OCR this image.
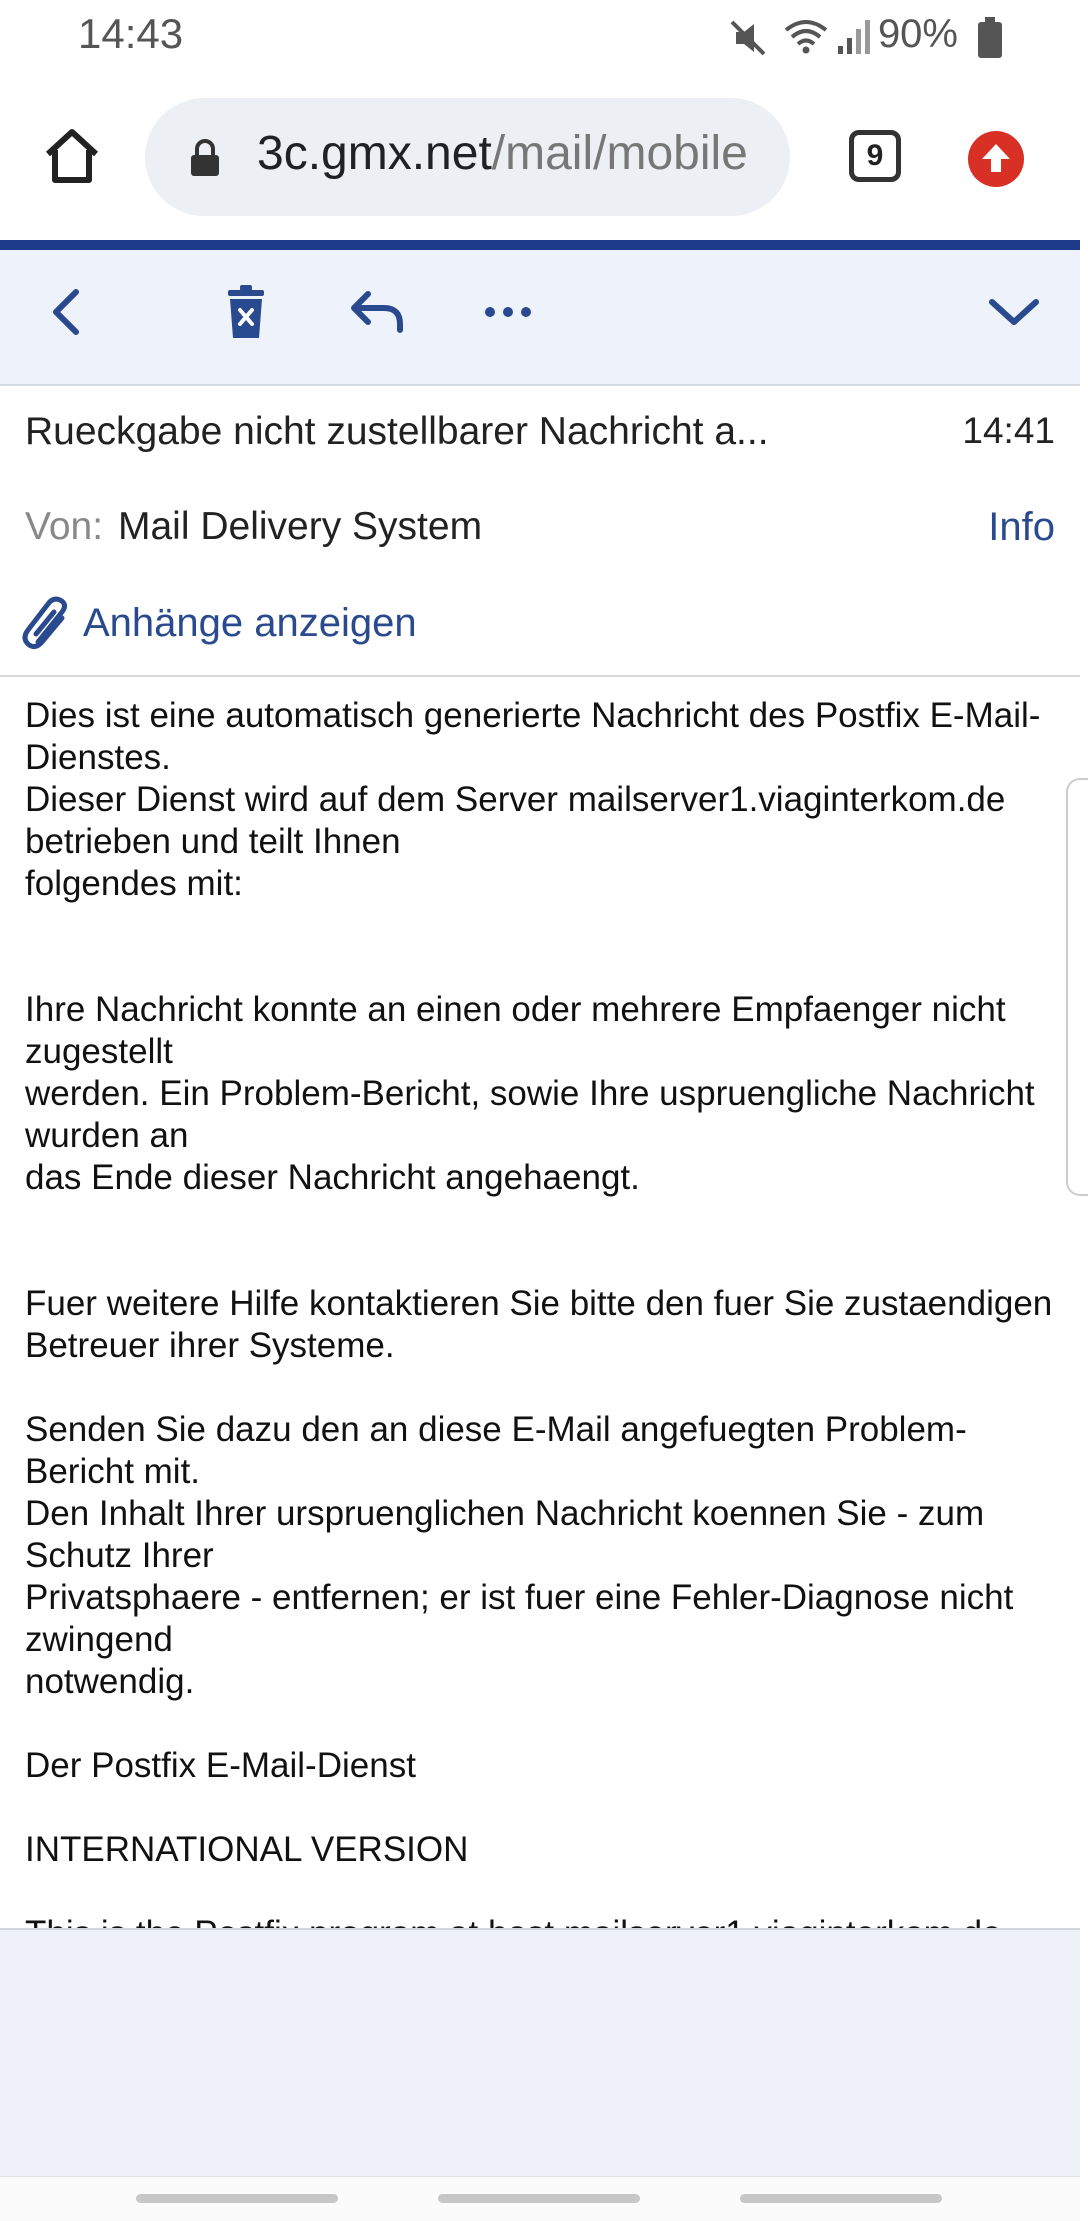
14:43	90%
3c.gmx.net/mail/mobile	9
Rueckgabe nicht zustellbarer Nachricht a...	14:41
Von: Mail Delivery System	Info
Anhänge anzeigen

Dies ist eine automatisch generierte Nachricht des Postfix E-Mail-Dienstes.

Dieser Dienst wird auf dem Server mailserver1.viaginterkom.de betrieben und teilt Ihnen

folgendes mit:

Ihre Nachricht konnte an einen oder mehrere Empfaenger nicht zugestellt

werden. Ein Problem-Bericht, sowie Ihre uspruengliche Nachricht wurden an

das Ende dieser Nachricht angehaengt.

Fuer weitere Hilfe kontaktieren Sie bitte den fuer Sie zustaendigen Betreuer ihrer Systeme.

Senden Sie dazu den an diese E-Mail angefuegten Problem-Bericht mit.

Den Inhalt Ihrer urspruenglichen Nachricht koennen Sie - zum Schutz Ihrer

Privatsphaere - entfernen; er ist fuer eine Fehler-Diagnose nicht zwingend

notwendig.

Der Postfix E-Mail-Dienst

INTERNATIONAL VERSION
